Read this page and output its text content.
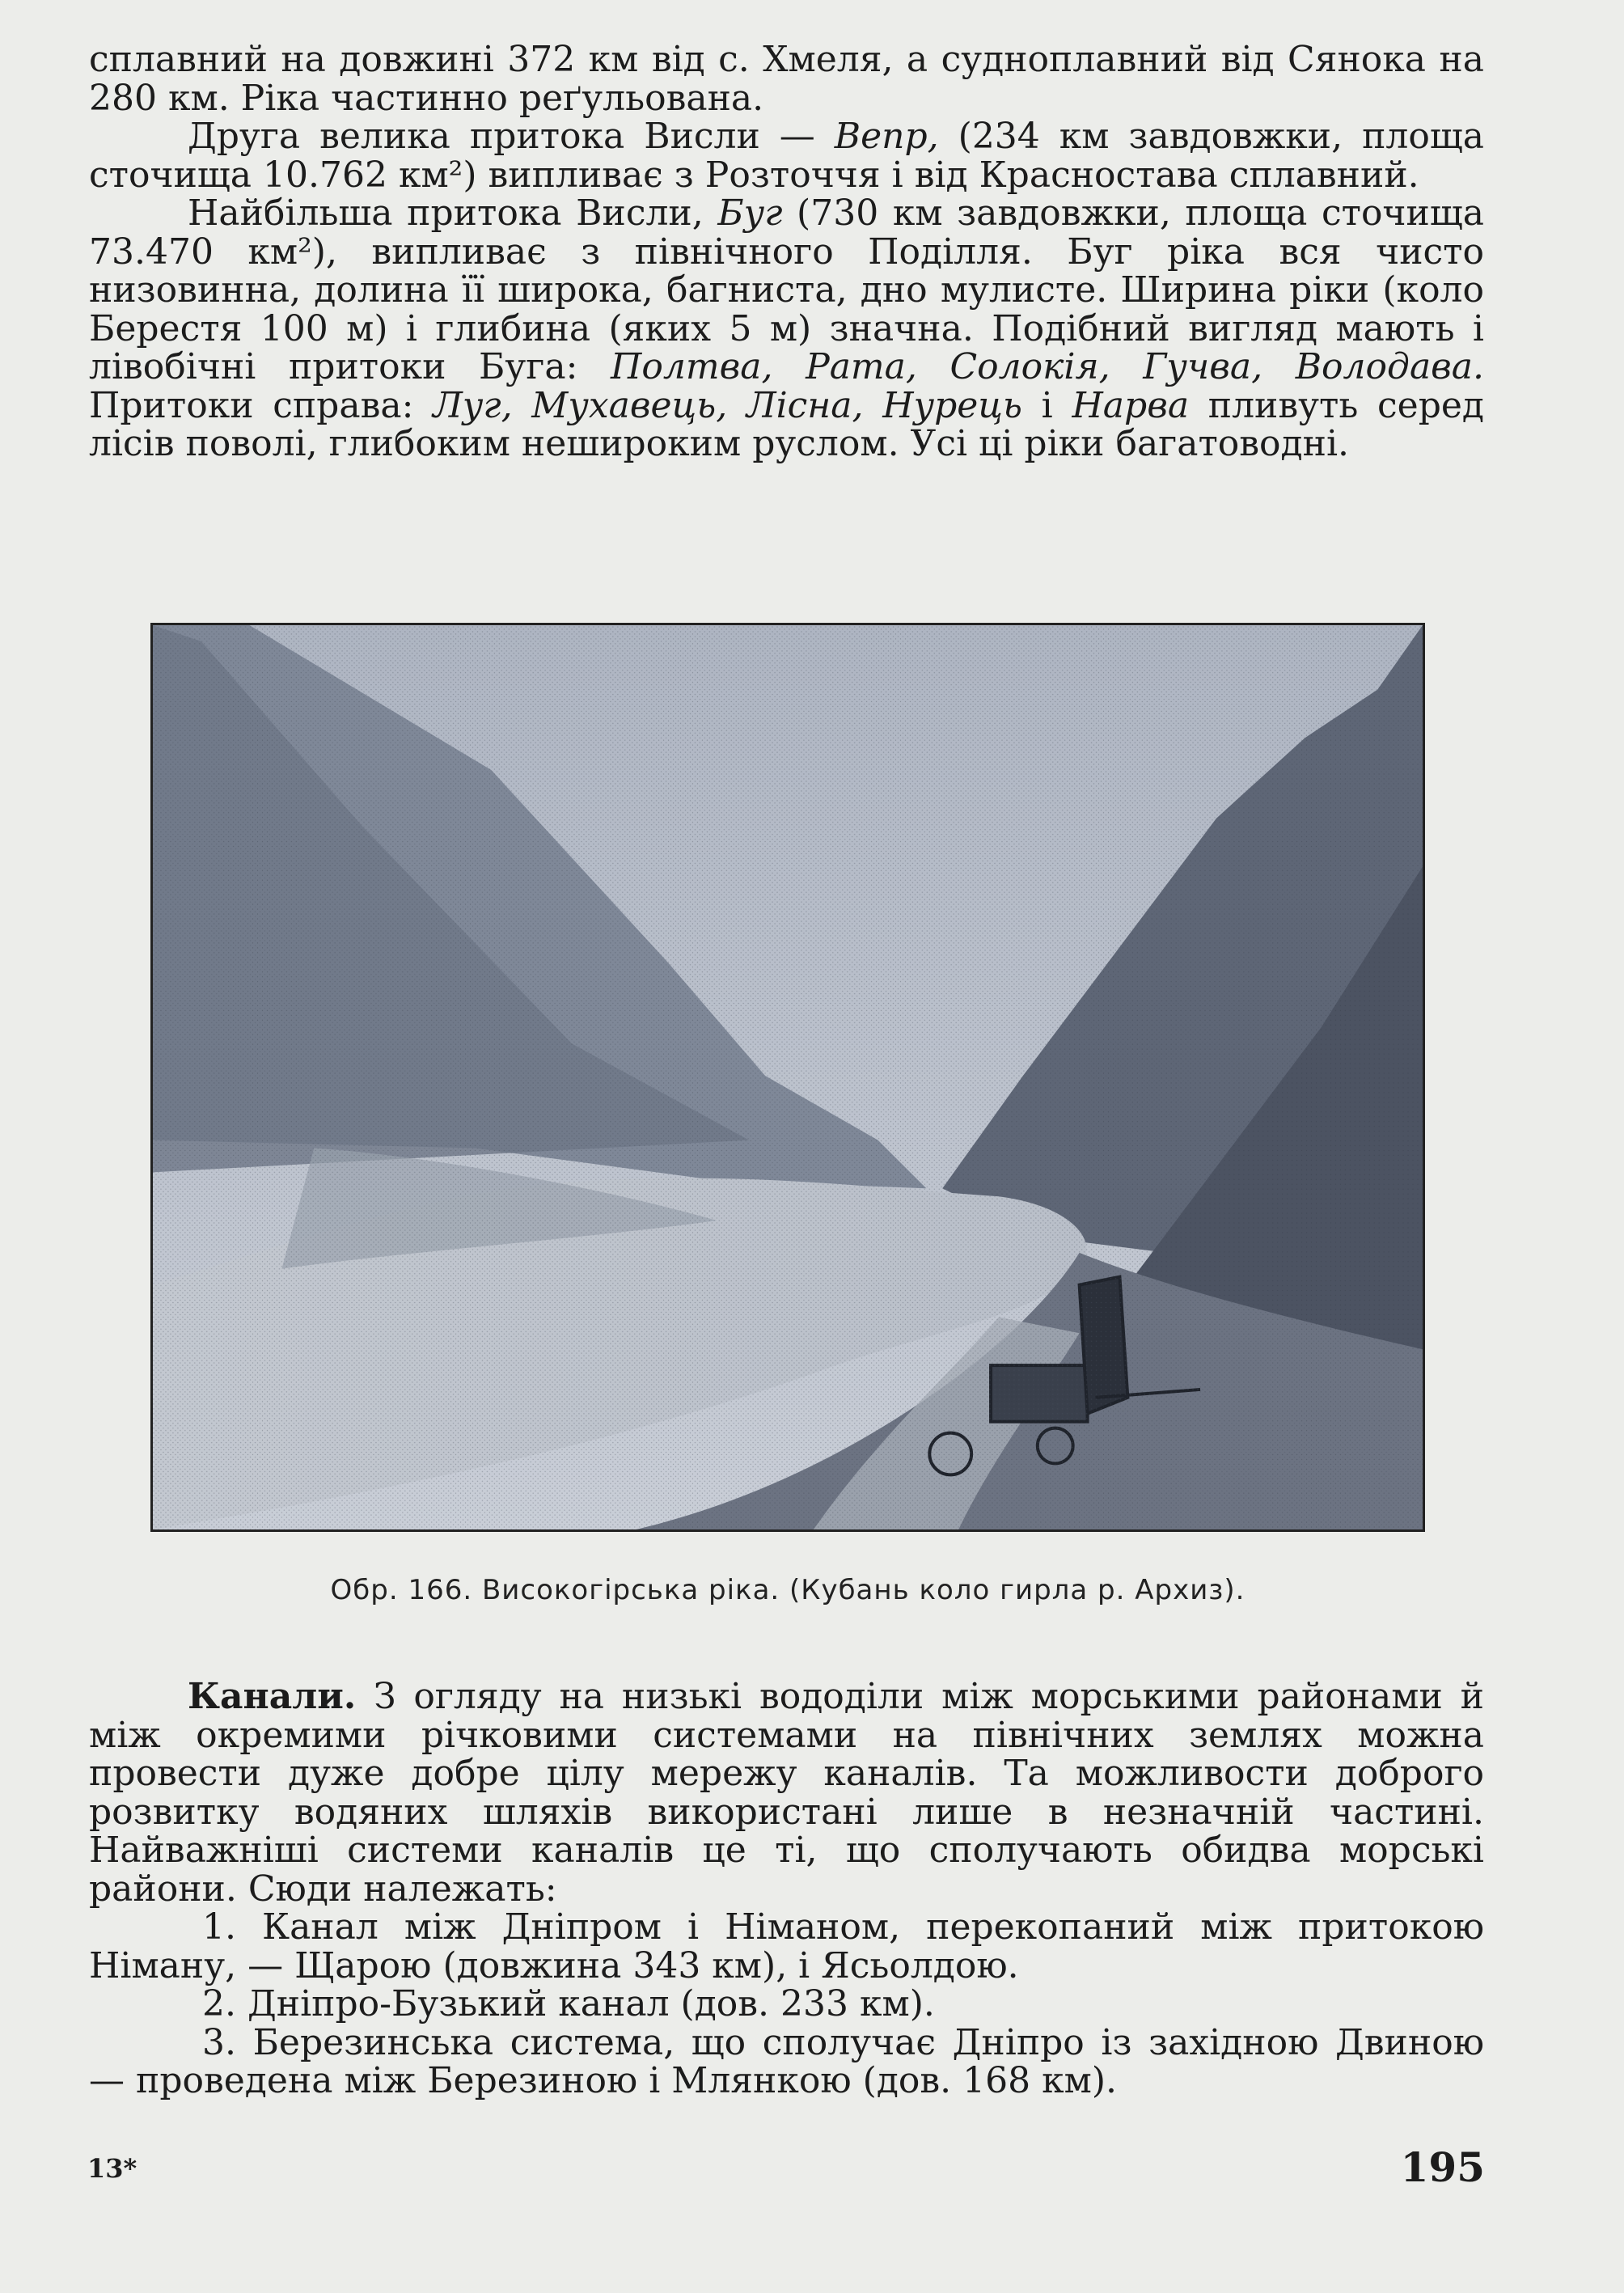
сплавний на довжині 372 км від с. Хмеля, а судноплавний від Сянока на 280 км. Ріка частинно реґульована.

Друга велика притока Висли — Вепр, (234 км завдовжки, площа сточища 10.762 км²) випливає з Розточчя і від Красностава сплавний.

Найбільша притока Висли, Буг (730 км завдовжки, площа сточища 73.470 км²), випливає з північного Поділля. Буг ріка вся чисто низовинна, долина її широка, багниста, дно мулисте. Ширина ріки (коло Берестя 100 м) і глибина (яких 5 м) значна. Подібний вигляд мають і лівобічні притоки Буга: Полтва, Рата, Солокія, Гучва, Володава. Притоки справа: Луг, Мухавець, Лісна, Нурець і Нарва пливуть серед лісів поволі, глибоким нешироким руслом. Усі ці ріки багатоводні.

Обр. 166. Високогірська ріка. (Кубань коло гирла р. Архиз).

Канали. З огляду на низькі вододіли між морськими районами й між окремими річковими системами на північних землях можна провести дуже добре цілу мережу каналів. Та можливости доброго розвитку водяних шляхів використані лише в незначній частині. Найважніші системи каналів це ті, що сполучають обидва морські райони. Сюди належать:

1. Канал між Дніпром і Німаном, перекопаний між притокою Німану, — Щарою (довжина 343 км), і Ясьолдою.

2. Дніпро-Бузький канал (дов. 233 км).

3. Березинська система, що сполучає Дніпро із західною Двиною — проведена між Березиною і Млянкою (дов. 168 км).

13*	195
